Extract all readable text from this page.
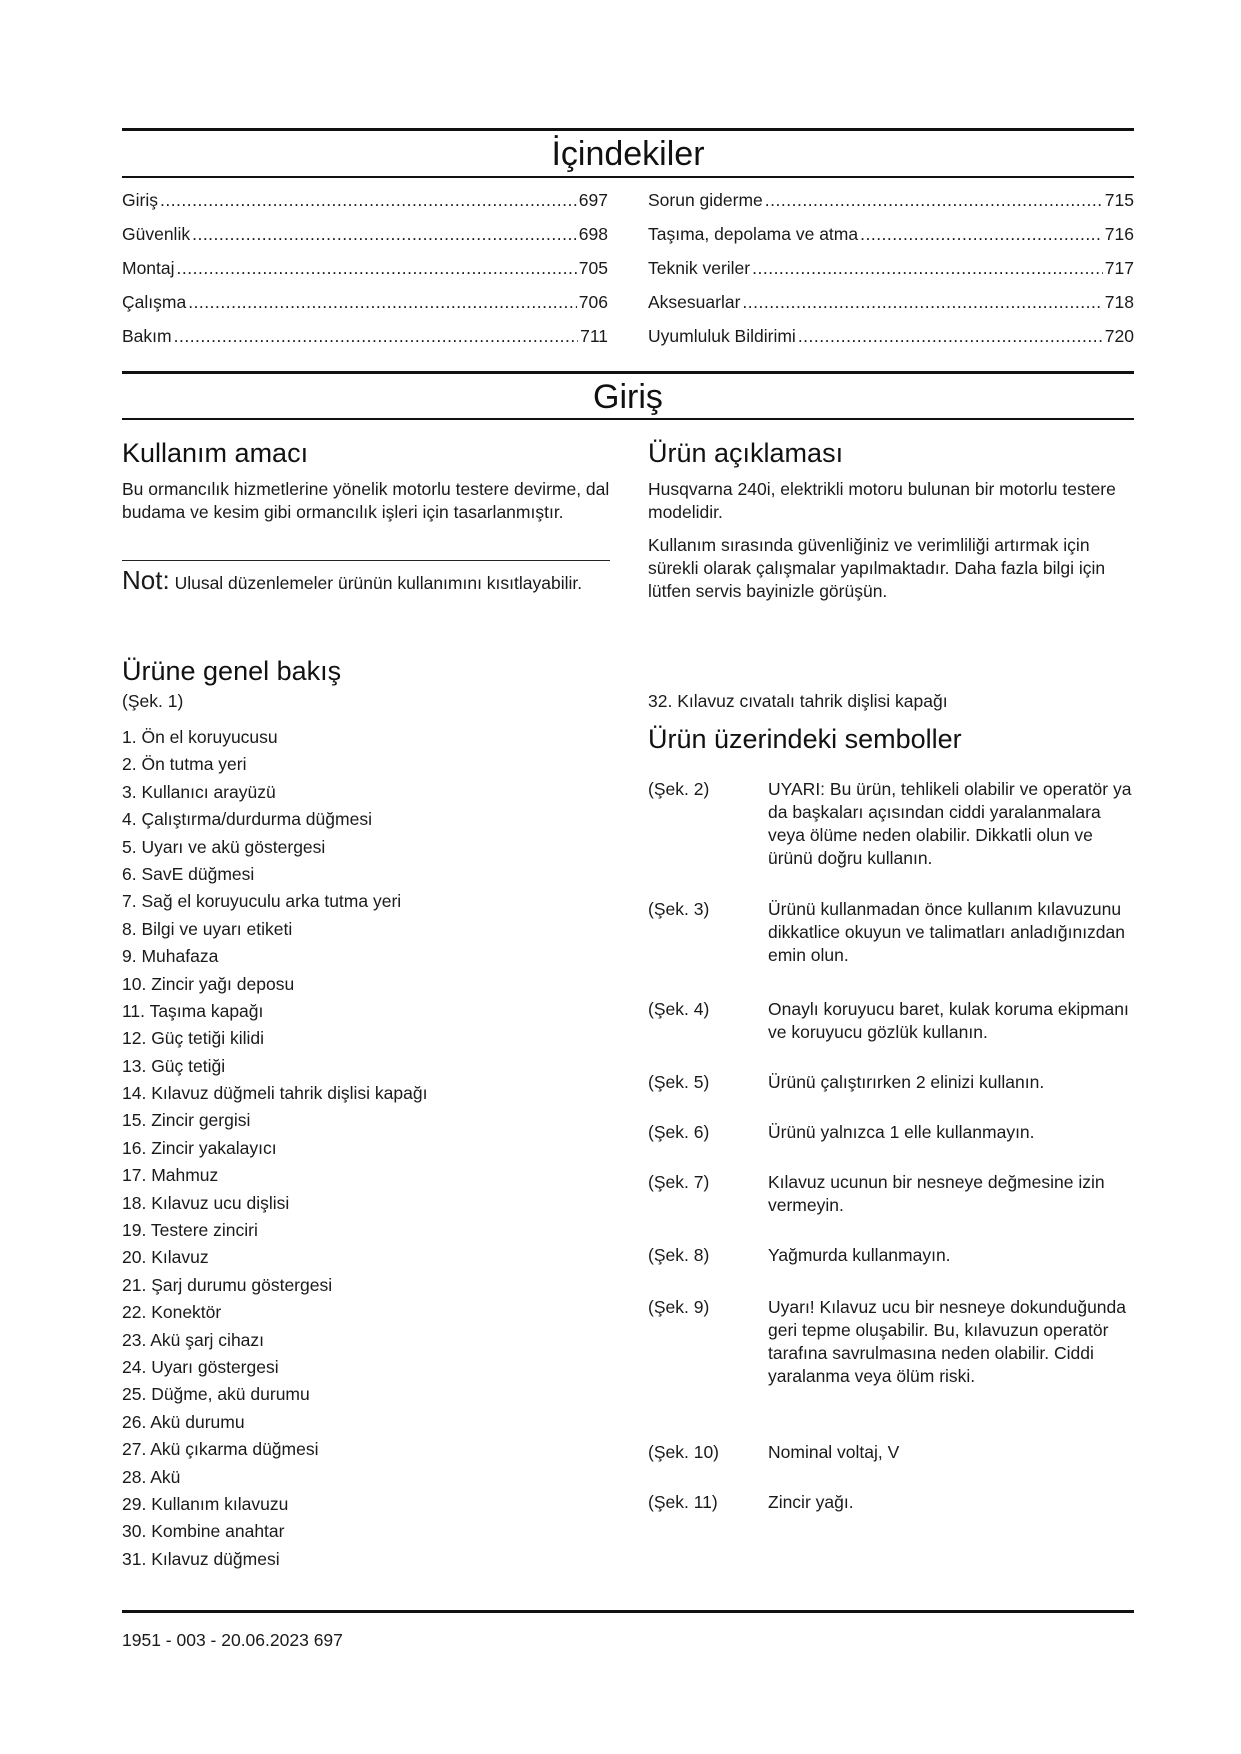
İçindekiler
Giriş .....	697
Güvenlik .....	698
Montaj .....	705
Çalışma .....	706
Bakım .....	711
Sorun giderme .....	715
Taşıma, depolama ve atma .....	716
Teknik veriler .....	717
Aksesuarlar .....	718
Uyumluluk Bildirimi .....	720
Giriş
Kullanım amacı
Bu ormancılık hizmetlerine yönelik motorlu testere devirme, dal budama ve kesim gibi ormancılık işleri için tasarlanmıştır.
Not: Ulusal düzenlemeler ürünün kullanımını kısıtlayabilir.
Ürün açıklaması
Husqvarna 240i, elektrikli motoru bulunan bir motorlu testere modelidir.
Kullanım sırasında güvenliğiniz ve verimliliği artırmak için sürekli olarak çalışmalar yapılmaktadır. Daha fazla bilgi için lütfen servis bayinizle görüşün.
Ürüne genel bakış
(Şek. 1)
1. Ön el koruyucusu
2. Ön tutma yeri
3. Kullanıcı arayüzü
4. Çalıştırma/durdurma düğmesi
5. Uyarı ve akü göstergesi
6. SavE düğmesi
7. Sağ el koruyuculu arka tutma yeri
8. Bilgi ve uyarı etiketi
9. Muhafaza
10. Zincir yağı deposu
11. Taşıma kapağı
12. Güç tetiği kilidi
13. Güç tetiği
14. Kılavuz düğmeli tahrik dişlisi kapağı
15. Zincir gergisi
16. Zincir yakalayıcı
17. Mahmuz
18. Kılavuz ucu dişlisi
19. Testere zinciri
20. Kılavuz
21. Şarj durumu göstergesi
22. Konektör
23. Akü şarj cihazı
24. Uyarı göstergesi
25. Düğme, akü durumu
26. Akü durumu
27. Akü çıkarma düğmesi
28. Akü
29. Kullanım kılavuzu
30. Kombine anahtar
31. Kılavuz düğmesi
32. Kılavuz cıvatalı tahrik dişlisi kapağı
Ürün üzerindeki semboller
(Şek. 2)	UYARI: Bu ürün, tehlikeli olabilir ve operatör ya da başkaları açısından ciddi yaralanmalara veya ölüme neden olabilir. Dikkatli olun ve ürünü doğru kullanın.
(Şek. 3)	Ürünü kullanmadan önce kullanım kılavuzunu dikkatlice okuyun ve talimatları anladığınızdan emin olun.
(Şek. 4)	Onaylı koruyucu baret, kulak koruma ekipmanı ve koruyucu gözlük kullanın.
(Şek. 5)	Ürünü çalıştırırken 2 elinizi kullanın.
(Şek. 6)	Ürünü yalnızca 1 elle kullanmayın.
(Şek. 7)	Kılavuz ucunun bir nesneye değmesine izin vermeyin.
(Şek. 8)	Yağmurda kullanmayın.
(Şek. 9)	Uyarı! Kılavuz ucu bir nesneye dokunduğunda geri tepme oluşabilir. Bu, kılavuzun operatör tarafına savrulmasına neden olabilir. Ciddi yaralanma veya ölüm riski.
(Şek. 10)	Nominal voltaj, V
(Şek. 11)	Zincir yağı.
1951 - 003 - 20.06.2023 697
